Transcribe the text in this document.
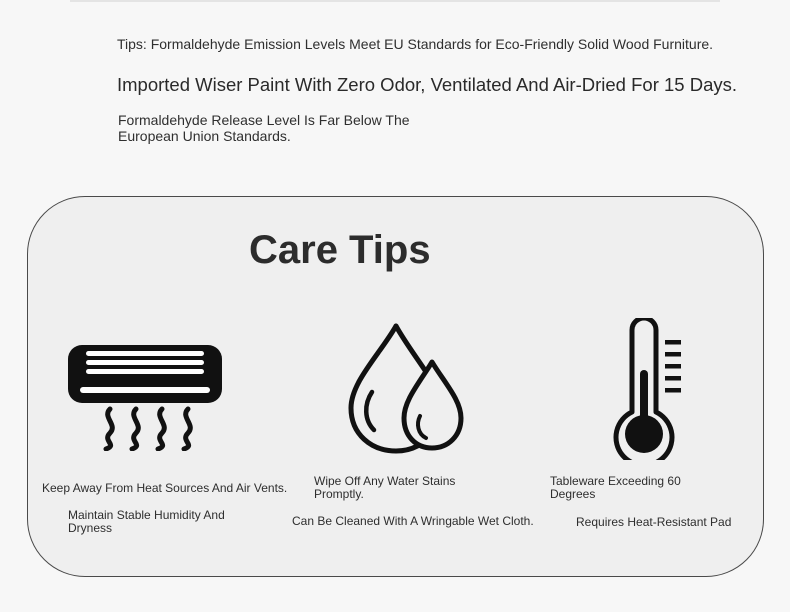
Tips: Formaldehyde Emission Levels Meet EU Standards for Eco-Friendly Solid Wood Furniture.
Imported Wiser Paint With Zero Odor, Ventilated And Air-Dried For 15 Days.
Formaldehyde Release Level Is Far Below The European Union Standards.
Care Tips
Keep Away From Heat Sources And Air Vents.
Maintain Stable Humidity And Dryness
Wipe Off Any Water Stains Promptly.
Can Be Cleaned With A Wringable Wet Cloth.
Tableware Exceeding 60 Degrees
Requires Heat-Resistant Pad
